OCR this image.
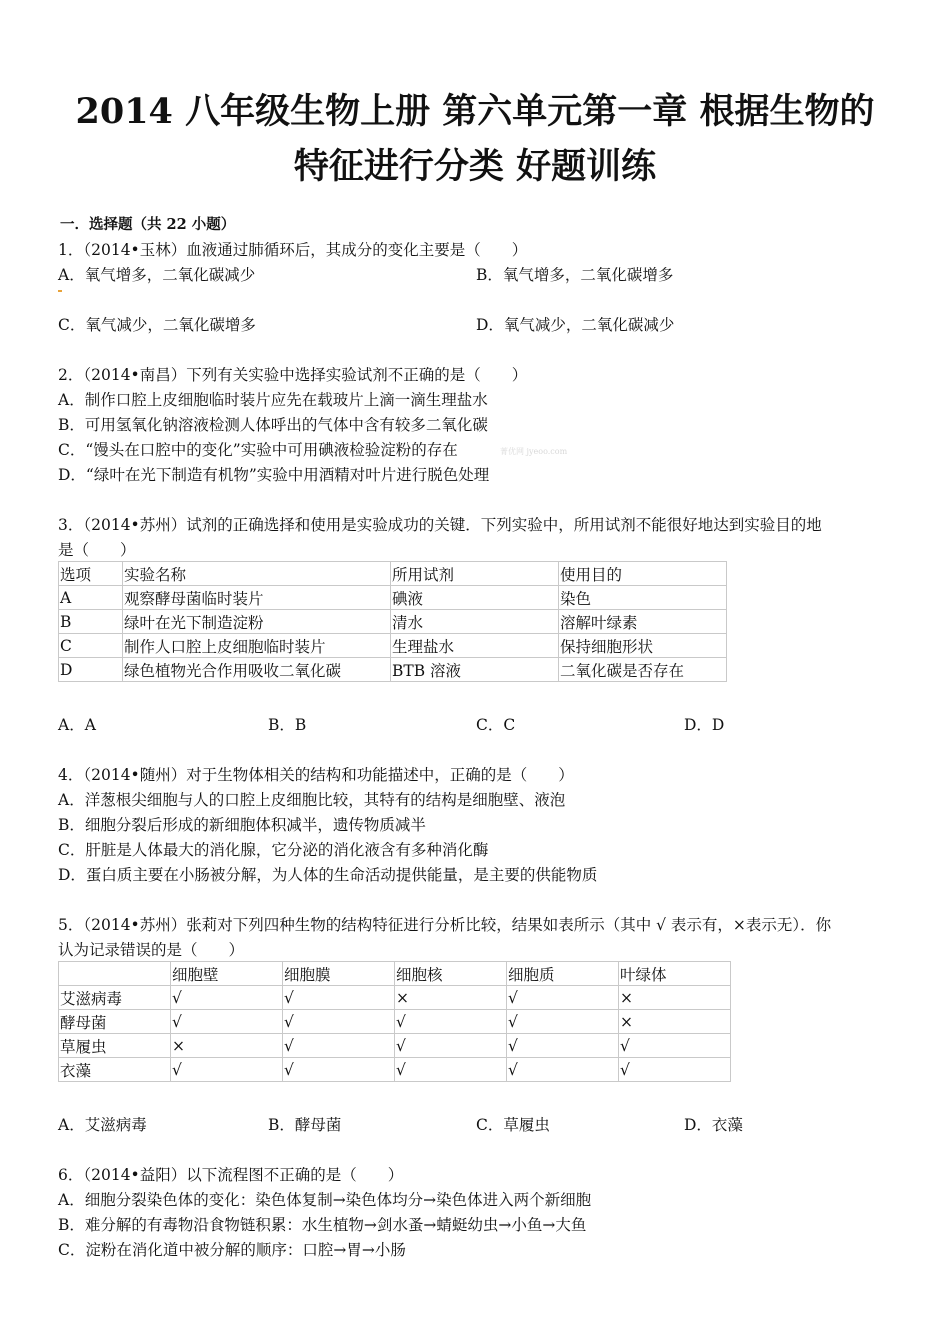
2014 八年级生物上册 第六单元第一章 根据生物的
特征进行分类 好题训练
一．选择题（共 22 小题）
1．（2014•玉林）血液通过肺循环后，其成分的变化主要是（　　）
A．氧气增多，二氧化碳减少	B．氧气增多，二氧化碳增多
C．氧气减少，二氧化碳增多	D．氧气减少，二氧化碳减少
2．（2014•南昌）下列有关实验中选择实验试剂不正确的是（　　）
A．制作口腔上皮细胞临时装片应先在载玻片上滴一滴生理盐水
B．可用氢氧化钠溶液检测人体呼出的气体中含有较多二氧化碳
C．“馒头在口腔中的变化”实验中可用碘液检验淀粉的存在	菁优网 jyeoo.com
D．“绿叶在光下制造有机物”实验中用酒精对叶片进行脱色处理
3．（2014•苏州）试剂的正确选择和使用是实验成功的关键．下列实验中，所用试剂不能很好地达到实验目的地
是（　　）
选项	实验名称	所用试剂	使用目的
A	观察酵母菌临时装片	碘液	染色
B	绿叶在光下制造淀粉	清水	溶解叶绿素
C	制作人口腔上皮细胞临时装片	生理盐水	保持细胞形状
D	绿色植物光合作用吸收二氧化碳	BTB 溶液	二氧化碳是否存在
A．A	B．B	C．C	D．D
4．（2014•随州）对于生物体相关的结构和功能描述中，正确的是（　　）
A．洋葱根尖细胞与人的口腔上皮细胞比较，其特有的结构是细胞壁、液泡
B．细胞分裂后形成的新细胞体积减半，遗传物质减半
C．肝脏是人体最大的消化腺，它分泌的消化液含有多种消化酶
D．蛋白质主要在小肠被分解，为人体的生命活动提供能量，是主要的供能物质
5．（2014•苏州）张莉对下列四种生物的结构特征进行分析比较，结果如表所示（其中 √ 表示有，×表示无）．你
认为记录错误的是（　　）
	细胞壁	细胞膜	细胞核	细胞质	叶绿体
艾滋病毒	√	√	×	√	×
酵母菌	√	√	√	√	×
草履虫	×	√	√	√	√
衣藻	√	√	√	√	√
A．艾滋病毒	B．酵母菌	C．草履虫	D．衣藻
6．（2014•益阳）以下流程图不正确的是（　　）
A．细胞分裂染色体的变化：染色体复制→染色体均分→染色体进入两个新细胞
B．难分解的有毒物沿食物链积累：水生植物→剑水蚤→蜻蜓幼虫→小鱼→大鱼
C．淀粉在消化道中被分解的顺序：口腔→胃→小肠
